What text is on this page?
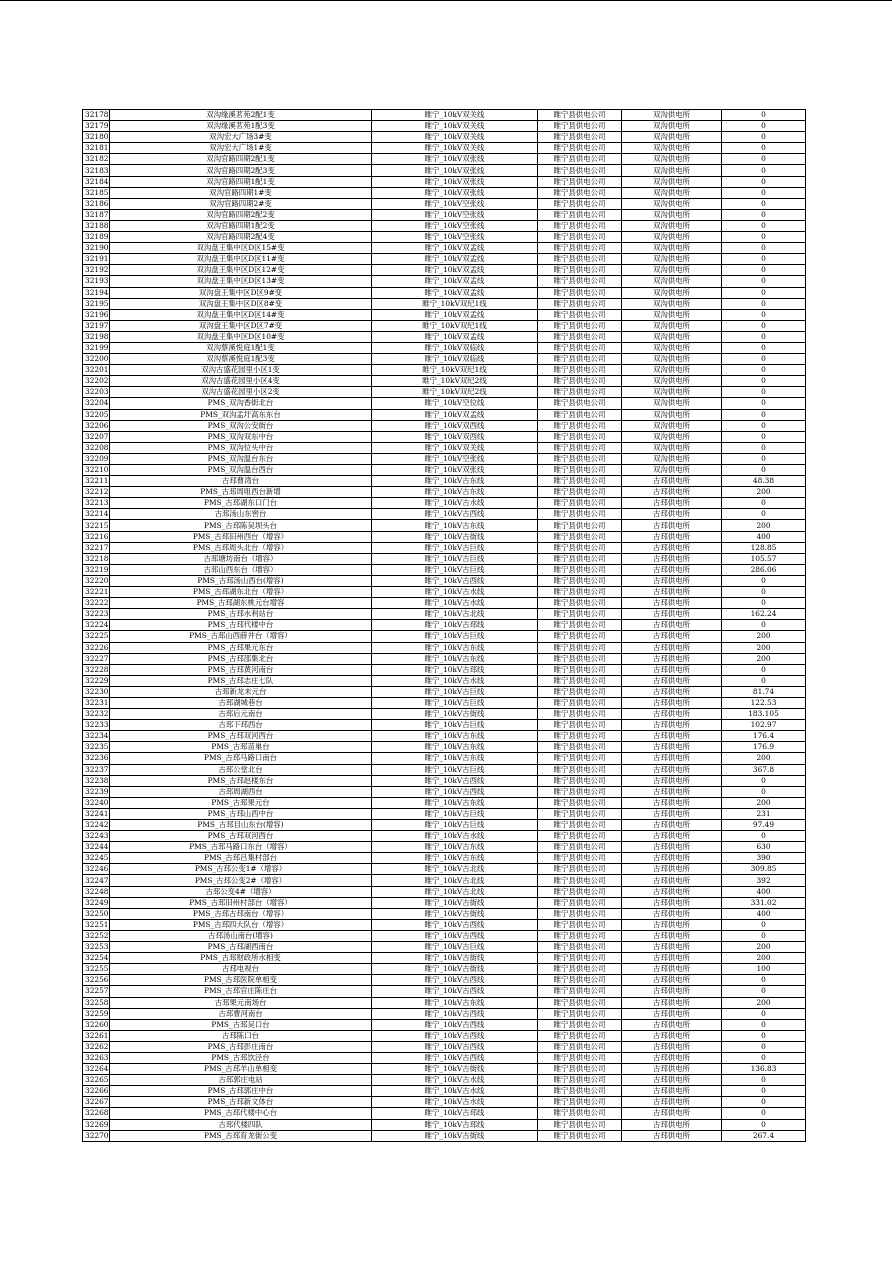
32178	双沟缘溪茗苑2配1变	睢宁_10kV双关线	睢宁县供电公司	双沟供电所	0
32179	双沟缘溪茗苑1配3变	睢宁_10kV双关线	睢宁县供电公司	双沟供电所	0
32180	双沟宏大广场3#变	睢宁_10kV双关线	睢宁县供电公司	双沟供电所	0
32181	双沟宏大广场1#变	睢宁_10kV双关线	睢宁县供电公司	双沟供电所	0
32182	双沟官路四期2配1变	睢宁_10kV双张线	睢宁县供电公司	双沟供电所	0
32183	双沟官路四期2配3变	睢宁_10kV双张线	睢宁县供电公司	双沟供电所	0
32184	双沟官路四期1配1变	睢宁_10kV双张线	睢宁县供电公司	双沟供电所	0
32185	双沟官路四期1#变	睢宁_10kV双张线	睢宁县供电公司	双沟供电所	0
32186	双沟官路四期2#变	睢宁_10kV空张线	睢宁县供电公司	双沟供电所	0
32187	双沟官路四期2配2变	睢宁_10kV空张线	睢宁县供电公司	双沟供电所	0
32188	双沟官路四期1配2变	睢宁_10kV空张线	睢宁县供电公司	双沟供电所	0
32189	双沟官路四期2配4变	睢宁_10kV空张线	睢宁县供电公司	双沟供电所	0
32190	双沟盘王集中区D区15#变	睢宁_10kV双孟线	睢宁县供电公司	双沟供电所	0
32191	双沟盘王集中区D区11#变	睢宁_10kV双孟线	睢宁县供电公司	双沟供电所	0
32192	双沟盘王集中区D区12#变	睢宁_10kV双孟线	睢宁县供电公司	双沟供电所	0
32193	双沟盘王集中区D区13#变	睢宁_10kV双孟线	睢宁县供电公司	双沟供电所	0
32194	双沟盘王集中区D区9#变	睢宁_10kV双孟线	睢宁县供电公司	双沟供电所	0
32195	双沟盘王集中区D区8#变	睢宁_10kV双纪1线	睢宁县供电公司	双沟供电所	0
32196	双沟盘王集中区D区14#变	睢宁_10kV双孟线	睢宁县供电公司	双沟供电所	0
32197	双沟盘王集中区D区7#变	睢宁_10kV双纪1线	睢宁县供电公司	双沟供电所	0
32198	双沟盘王集中区D区10#变	睢宁_10kV双孟线	睢宁县供电公司	双沟供电所	0
32199	双沟蔡溪悦庭1配1变	睢宁_10kV双临线	睢宁县供电公司	双沟供电所	0
32200	双沟蔡溪悦庭1配3变	睢宁_10kV双临线	睢宁县供电公司	双沟供电所	0
32201	双沟古盛花园里小区1变	睢宁_10kV双纪1线	睢宁县供电公司	双沟供电所	0
32202	双沟古盛花园里小区4变	睢宁_10kV双纪2线	睢宁县供电公司	双沟供电所	0
32203	双沟古盛花园里小区2变	睢宁_10kV双纪2线	睢宁县供电公司	双沟供电所	0
32204	PMS_双沟香街北台	睢宁_10kV空位线	睢宁县供电公司	双沟供电所	0
32205	PMS_双沟孟圩高东东台	睢宁_10kV双孟线	睢宁县供电公司	双沟供电所	0
32206	PMS_双沟公安街台	睢宁_10kV双西线	睢宁县供电公司	双沟供电所	0
32207	PMS_双沟双东中台	睢宁_10kV双西线	睢宁县供电公司	双沟供电所	0
32208	PMS_双沟位头中台	睢宁_10kV双关线	睢宁县供电公司	双沟供电所	0
32209	PMS_双沟温台东台	睢宁_10kV空张线	睢宁县供电公司	双沟供电所	0
32210	PMS_双沟温台西台	睢宁_10kV双张线	睢宁县供电公司	双沟供电所	0
32211	古邳曹湾台	睢宁_10kV古东线	睢宁县供电公司	古邳供电所	48.38
32212	PMS_古邳周咀西台新增	睢宁_10kV古东线	睢宁县供电公司	古邳供电所	200
32213	PMS_古邳湖东口门台	睢宁_10kV古水线	睢宁县供电公司	古邳供电所	0
32214	古邳汤山东窖台	睢宁_10kV古西线	睢宁县供电公司	古邳供电所	0
32215	PMS_古邳陈吴坝头台	睢宁_10kV古东线	睢宁县供电公司	古邳供电所	200
32216	PMS_古邳旧州西台（增容）	睢宁_10kV古街线	睢宁县供电公司	古邳供电所	400
32217	PMS_古邳周头北台（增容）	睢宁_10kV古巨线	睢宁县供电公司	古邳供电所	128.85
32218	古邳塘坊南台（增容）	睢宁_10kV古巨线	睢宁县供电公司	古邳供电所	105.57
32219	古邳山西东台（增容）	睢宁_10kV古巨线	睢宁县供电公司	古邳供电所	286.06
32220	PMS_古邳汤山西台(增容)	睢宁_10kV古西线	睢宁县供电公司	古邳供电所	0
32221	PMS_古邳湖东北台（增容）	睢宁_10kV古水线	睢宁县供电公司	古邳供电所	0
32222	PMS_古邳湖东桃元台增容	睢宁_10kV古水线	睢宁县供电公司	古邳供电所	0
32223	PMS_古邳水利站台	睢宁_10kV古北线	睢宁县供电公司	古邳供电所	162.24
32224	PMS_古邳代楼中台	睢宁_10kV古邳线	睢宁县供电公司	古邳供电所	0
32225	PMS_古邳山西薛井台（增容）	睢宁_10kV古巨线	睢宁县供电公司	古邳供电所	200
32226	PMS_古邳果元东台	睢宁_10kV古东线	睢宁县供电公司	古邳供电所	200
32227	PMS_古邳邵集北台	睢宁_10kV古东线	睢宁县供电公司	古邳供电所	200
32228	PMS_古邳黄河南台	睢宁_10kV古邳线	睢宁县供电公司	古邳供电所	0
32229	PMS_古邳志庄七队	睢宁_10kV古水线	睢宁县供电公司	古邳供电所	0
32230	古邳新龙末元台	睢宁_10kV古巨线	睢宁县供电公司	古邳供电所	81.74
32231	古邳湖城巷台	睢宁_10kV古巨线	睢宁县供电公司	古邳供电所	122.53
32232	古邳后元南台	睢宁_10kV古街线	睢宁县供电公司	古邳供电所	183.105
32233	古邳下邳西台	睢宁_10kV古巨线	睢宁县供电公司	古邳供电所	102.97
32234	PMS_古邳双河西台	睢宁_10kV古东线	睢宁县供电公司	古邳供电所	176.4
32235	PMS_古邳苗巢台	睢宁_10kV古东线	睢宁县供电公司	古邳供电所	176.9
32236	PMS_古邳马路口南台	睢宁_10kV古东线	睢宁县供电公司	古邳供电所	200
32237	古邳公堂北台	睢宁_10kV古巨线	睢宁县供电公司	古邳供电所	367.8
32238	PMS_古邳赵楼东台	睢宁_10kV古西线	睢宁县供电公司	古邳供电所	0
32239	古邳周湖西台	睢宁_10kV古西线	睢宁县供电公司	古邳供电所	0
32240	PMS_古邳果元台	睢宁_10kV古东线	睢宁县供电公司	古邳供电所	200
32241	PMS_古邳山西中台	睢宁_10kV古巨线	睢宁县供电公司	古邳供电所	231
32242	PMS_古邳目山东台(增容)	睢宁_10kV古巨线	睢宁县供电公司	古邳供电所	97.49
32243	PMS_古邳双河西台	睢宁_10kV古水线	睢宁县供电公司	古邳供电所	0
32244	PMS_古邳马路口东台（增容）	睢宁_10kV古东线	睢宁县供电公司	古邳供电所	630
32245	PMS_古邳吕集村部台	睢宁_10kV古东线	睢宁县供电公司	古邳供电所	390
32246	PMS_古邳公变1#（增容）	睢宁_10kV古北线	睢宁县供电公司	古邳供电所	309.85
32247	PMS_古邳公变2#（增容）	睢宁_10kV古北线	睢宁县供电公司	古邳供电所	392
32248	古邳公变4#（增容）	睢宁_10kV古北线	睢宁县供电公司	古邳供电所	400
32249	PMS_古邳旧州村部台（增容）	睢宁_10kV古街线	睢宁县供电公司	古邳供电所	331.02
32250	PMS_古邳古邳南台（增容）	睢宁_10kV古街线	睢宁县供电公司	古邳供电所	400
32251	PMS_古邳四大队台（增容）	睢宁_10kV古西线	睢宁县供电公司	古邳供电所	0
32252	古邳汤山南台(增容)	睢宁_10kV古西线	睢宁县供电公司	古邳供电所	0
32253	PMS_古邳湖西南台	睢宁_10kV古巨线	睢宁县供电公司	古邳供电所	200
32254	PMS_古邳财政所水相变	睢宁_10kV古街线	睢宁县供电公司	古邳供电所	200
32255	古邳电视台	睢宁_10kV古街线	睢宁县供电公司	古邳供电所	100
32256	PMS_古邳医院单相变	睢宁_10kV古西线	睢宁县供电公司	古邳供电所	0
32257	PMS_古邳官庄陈庄台	睢宁_10kV古西线	睢宁县供电公司	古邳供电所	0
32258	古邳果元南场台	睢宁_10kV古东线	睢宁县供电公司	古邳供电所	200
32259	古邳曹河南台	睢宁_10kV古西线	睢宁县供电公司	古邳供电所	0
32260	PMS_古邳吴口台	睢宁_10kV古西线	睢宁县供电公司	古邳供电所	0
32261	古邳陈口台	睢宁_10kV古西线	睢宁县供电公司	古邳供电所	0
32262	PMS_古邳彭庄南台	睢宁_10kV古西线	睢宁县供电公司	古邳供电所	0
32263	PMS_古邳饮泾台	睢宁_10kV古西线	睢宁县供电公司	古邳供电所	0
32264	PMS_古邳羊山单相变	睢宁_10kV古街线	睢宁县供电公司	古邳供电所	136.83
32265	古邳郭庄电站	睢宁_10kV古水线	睢宁县供电公司	古邳供电所	0
32266	PMS_古邳郭庄中台	睢宁_10kV古水线	睢宁县供电公司	古邳供电所	0
32267	PMS_古邳新文体台	睢宁_10kV古水线	睢宁县供电公司	古邳供电所	0
32268	PMS_古邳代楼中心台	睢宁_10kV古邳线	睢宁县供电公司	古邳供电所	0
32269	古邳代楼四队	睢宁_10kV古邳线	睢宁县供电公司	古邳供电所	0
32270	PMS_古邳育龙街公变	睢宁_10kV古街线	睢宁县供电公司	古邳供电所	267.4
